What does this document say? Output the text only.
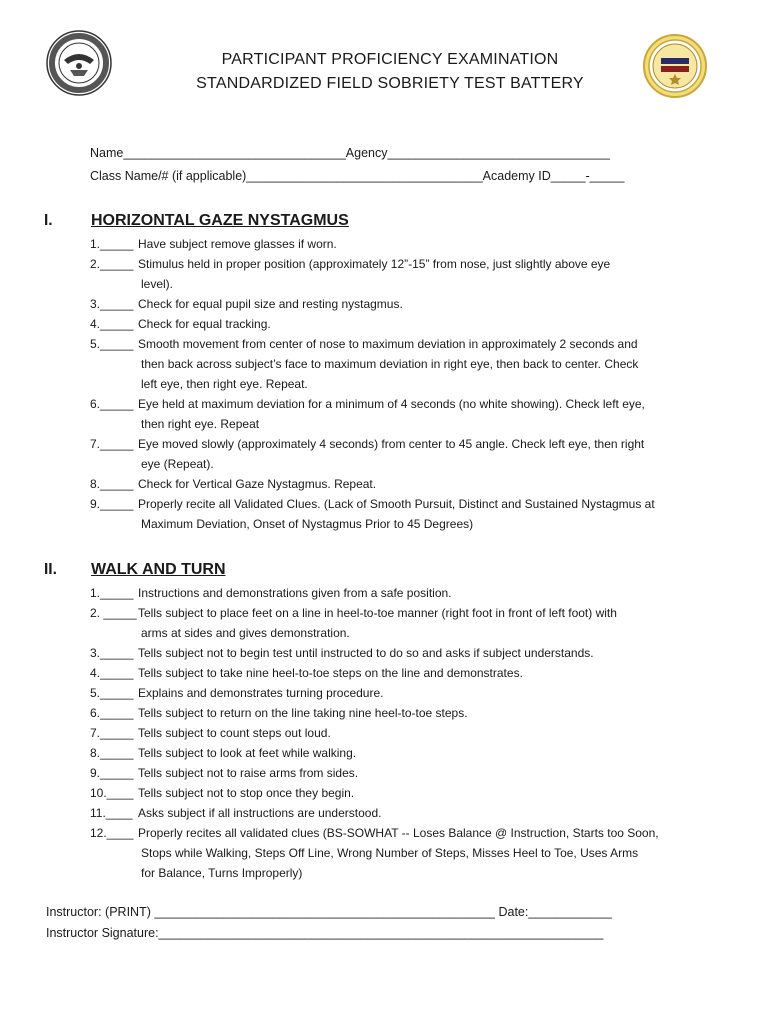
PARTICIPANT PROFICIENCY EXAMINATION
STANDARDIZED FIELD SOBRIETY TEST BATTERY
Name________________________________Agency________________________________
Class Name/# (if applicable)__________________________________Academy ID_____-_____
I. HORIZONTAL GAZE NYSTAGMUS
1._____ Have subject remove glasses if worn.
2._____ Stimulus held in proper position (approximately 12”-15” from nose, just slightly above eye
level).
3._____ Check for equal pupil size and resting nystagmus.
4._____ Check for equal tracking.
5._____ Smooth movement from center of nose to maximum deviation in approximately 2 seconds and
then back across subject’s face to maximum deviation in right eye, then back to center. Check
left eye, then right eye. Repeat.
6._____ Eye held at maximum deviation for a minimum of 4 seconds (no white showing). Check left eye,
then right eye. Repeat
7._____ Eye moved slowly (approximately 4 seconds) from center to 45 angle. Check left eye, then right
eye (Repeat).
8._____ Check for Vertical Gaze Nystagmus. Repeat.
9._____ Properly recite all Validated Clues. (Lack of Smooth Pursuit, Distinct and Sustained Nystagmus at
Maximum Deviation, Onset of Nystagmus Prior to 45 Degrees)
II. WALK AND TURN
1._____ Instructions and demonstrations given from a safe position.
2. _____ Tells subject to place feet on a line in heel-to-toe manner (right foot in front of left foot) with
arms at sides and gives demonstration.
3._____ Tells subject not to begin test until instructed to do so and asks if subject understands.
4._____ Tells subject to take nine heel-to-toe steps on the line and demonstrates.
5._____ Explains and demonstrates turning procedure.
6._____ Tells subject to return on the line taking nine heel-to-toe steps.
7._____ Tells subject to count steps out loud.
8._____ Tells subject to look at feet while walking.
9._____ Tells subject not to raise arms from sides.
10.____ Tells subject not to stop once they begin.
11.____ Asks subject if all instructions are understood.
12.____ Properly recites all validated clues (BS-SOWHAT -- Loses Balance @ Instruction, Starts too Soon,
Stops while Walking, Steps Off Line, Wrong Number of Steps, Misses Heel to Toe, Uses Arms
for Balance, Turns Improperly)
Instructor: (PRINT) _________________________________________________ Date:____________
Instructor Signature:________________________________________________________________
